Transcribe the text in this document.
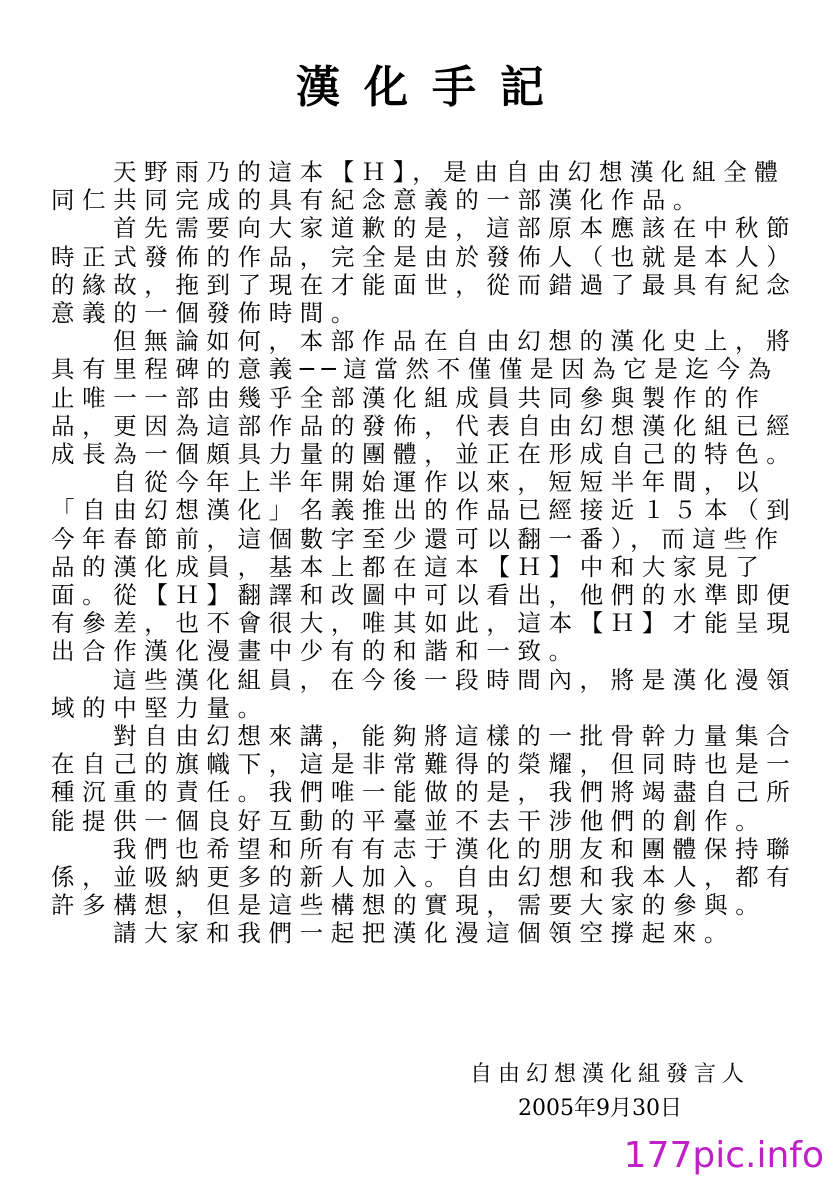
漢化手記

天野雨乃的這本【Ｈ】，是由自由幻想漢化組全體同仁共同完成的具有紀念意義的一部漢化作品。

首先需要向大家道歉的是，這部原本應該在中秋節時正式發佈的作品，完全是由於發佈人（也就是本人）的緣故，拖到了現在才能面世，從而錯過了最具有紀念意義的一個發佈時間。

但無論如何，本部作品在自由幻想的漢化史上，將具有里程碑的意義──這當然不僅僅是因為它是迄今為止唯一一部由幾乎全部漢化組成員共同參與製作的作品，更因為這部作品的發佈，代表自由幻想漢化組已經成長為一個頗具力量的團體，並正在形成自己的特色。

自從今年上半年開始運作以來，短短半年間，以「自由幻想漢化」名義推出的作品已經接近１５本（到今年春節前，這個數字至少還可以翻一番），而這些作品的漢化成員，基本上都在這本【Ｈ】中和大家見了面。從【Ｈ】翻譯和改圖中可以看出，他們的水準即便有參差，也不會很大，唯其如此，這本【Ｈ】才能呈現出合作漢化漫畫中少有的和諧和一致。

這些漢化組員，在今後一段時間內，將是漢化漫領域的中堅力量。

對自由幻想來講，能夠將這樣的一批骨幹力量集合在自己的旗幟下，這是非常難得的榮耀，但同時也是一種沉重的責任。我們唯一能做的是，我們將竭盡自己所能提供一個良好互動的平臺並不去干涉他們的創作。

我們也希望和所有有志于漢化的朋友和團體保持聯係，並吸納更多的新人加入。自由幻想和我本人，都有許多構想，但是這些構想的實現，需要大家的參與。

請大家和我們一起把漢化漫這個領空撐起來。

自由幻想漢化組發言人
2005年9月30日
177pic.info
